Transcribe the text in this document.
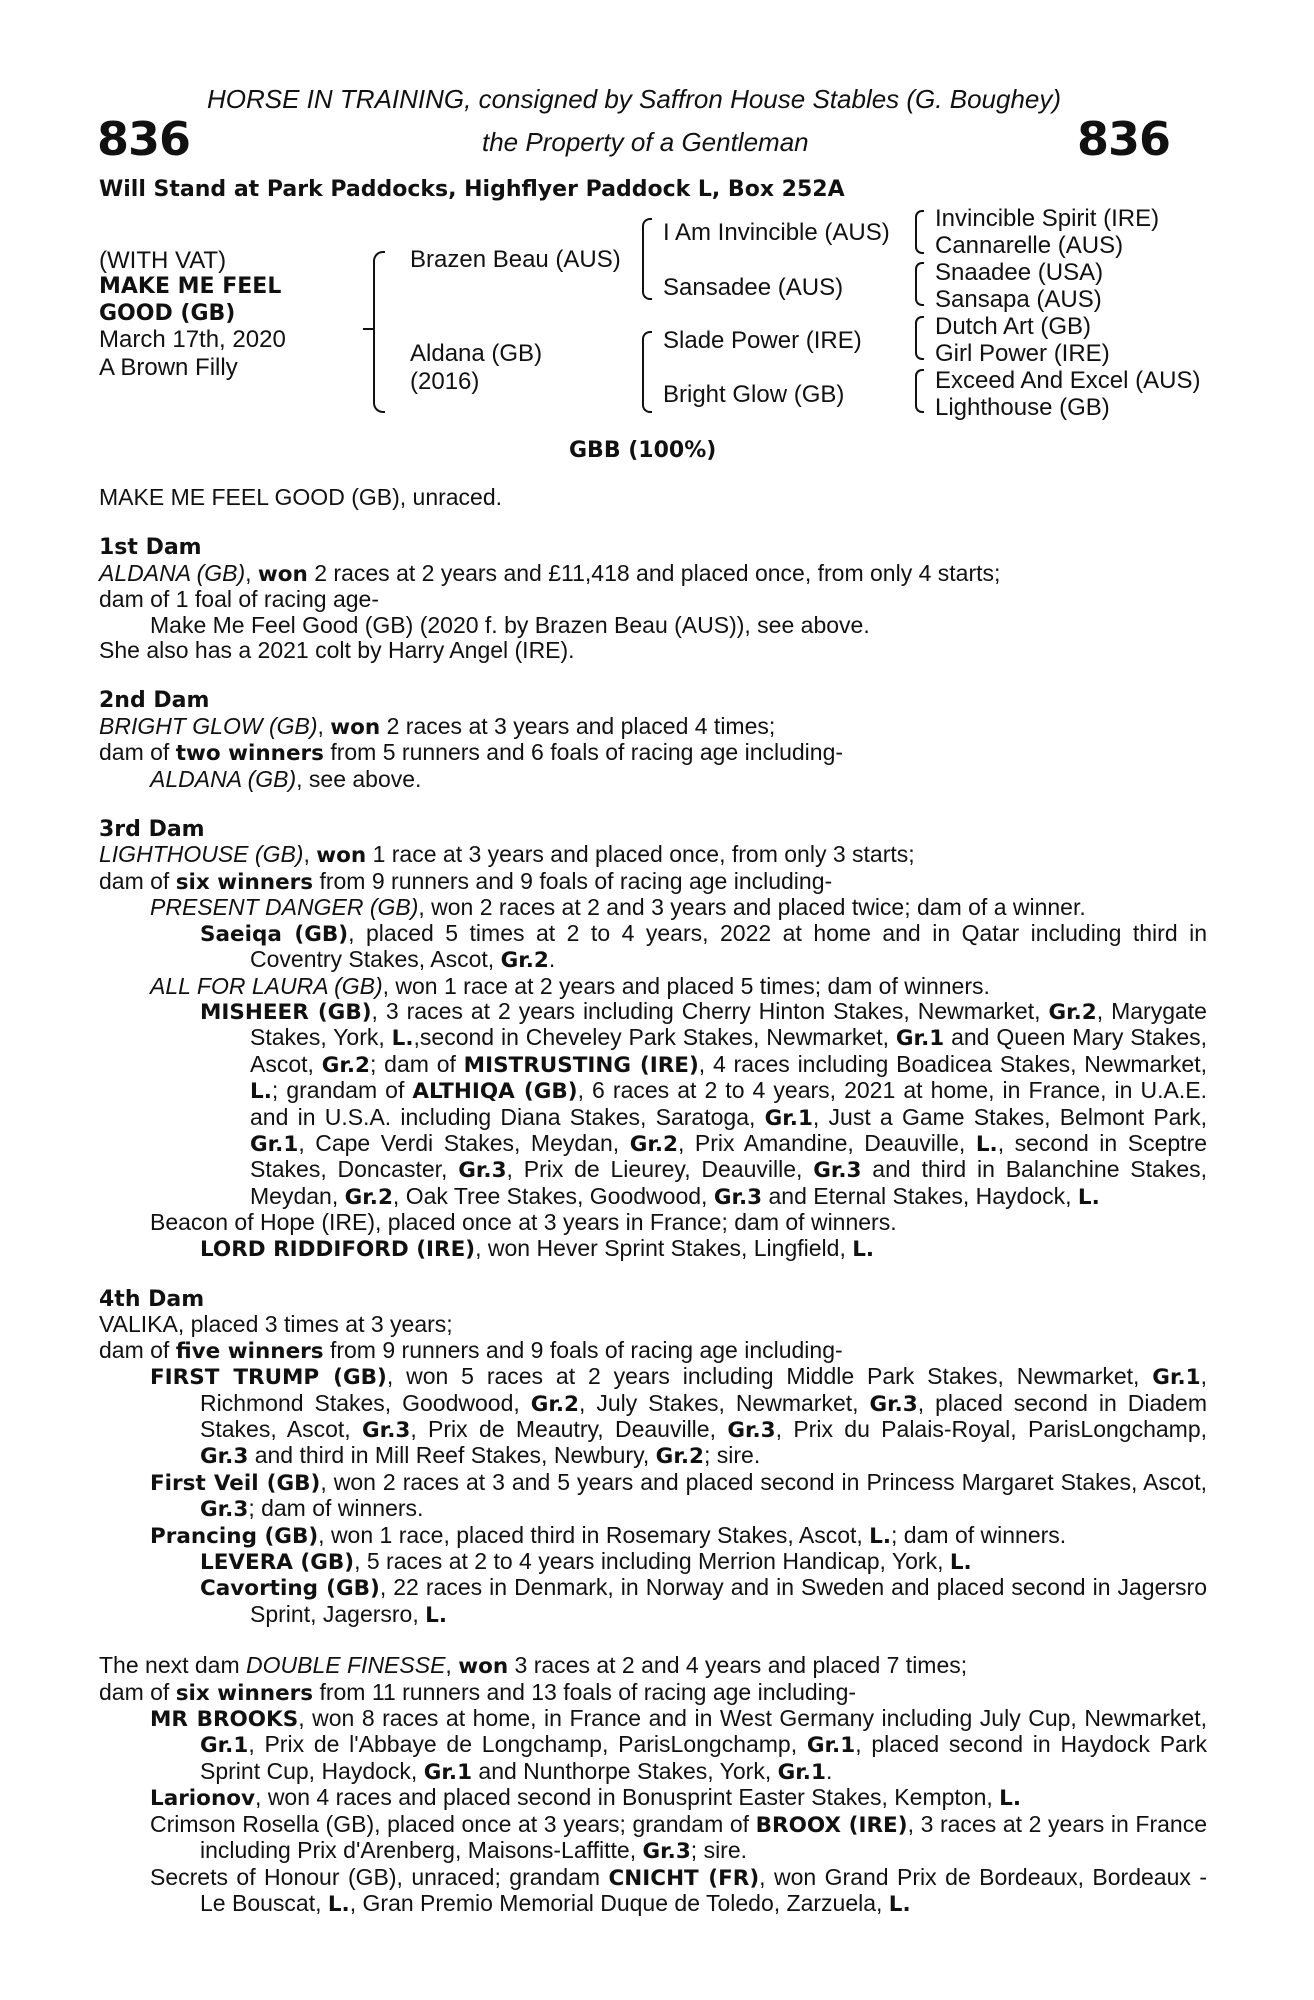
HORSE IN TRAINING, consigned by Saffron House Stables (G. Boughey)
836	the Property of a Gentleman	836
Will Stand at Park Paddocks, Highflyer Paddock L, Box 252A
(WITH VAT)
MAKE ME FEEL
GOOD (GB)
March 17th, 2020
A Brown Filly
Brazen Beau (AUS)
Aldana (GB)
(2016)
I Am Invincible (AUS)
Sansadee (AUS)
Slade Power (IRE)
Bright Glow (GB)
Invincible Spirit (IRE)
Cannarelle (AUS)
Snaadee (USA)
Sansapa (AUS)
Dutch Art (GB)
Girl Power (IRE)
Exceed And Excel (AUS)
Lighthouse (GB)
GBB (100%)

MAKE ME FEEL GOOD (GB), unraced.

1st Dam

ALDANA (GB), won 2 races at 2 years and £11,418 and placed once, from only 4 starts;

dam of 1 foal of racing age-

Make Me Feel Good (GB) (2020 f. by Brazen Beau (AUS)), see above.

She also has a 2021 colt by Harry Angel (IRE).

2nd Dam

BRIGHT GLOW (GB), won 2 races at 3 years and placed 4 times;

dam of two winners from 5 runners and 6 foals of racing age including-

ALDANA (GB), see above.

3rd Dam

LIGHTHOUSE (GB), won 1 race at 3 years and placed once, from only 3 starts;

dam of six winners from 9 runners and 9 foals of racing age including-

PRESENT DANGER (GB), won 2 races at 2 and 3 years and placed twice; dam of a winner.

Saeiqa (GB), placed 5 times at 2 to 4 years, 2022 at home and in Qatar including third in Coventry Stakes, Ascot, Gr.2.

ALL FOR LAURA (GB), won 1 race at 2 years and placed 5 times; dam of winners.

MISHEER (GB), 3 races at 2 years including Cherry Hinton Stakes, Newmarket, Gr.2, Marygate Stakes, York, L.,second in Cheveley Park Stakes, Newmarket, Gr.1 and Queen Mary Stakes, Ascot, Gr.2; dam of MISTRUSTING (IRE), 4 races including Boadicea Stakes, Newmarket, L.; grandam of ALTHIQA (GB), 6 races at 2 to 4 years, 2021 at home, in France, in U.A.E. and in U.S.A. including Diana Stakes, Saratoga, Gr.1, Just a Game Stakes, Belmont Park, Gr.1, Cape Verdi Stakes, Meydan, Gr.2, Prix Amandine, Deauville, L., second in Sceptre Stakes, Doncaster, Gr.3, Prix de Lieurey, Deauville, Gr.3 and third in Balanchine Stakes, Meydan, Gr.2, Oak Tree Stakes, Goodwood, Gr.3 and Eternal Stakes, Haydock, L.

Beacon of Hope (IRE), placed once at 3 years in France; dam of winners.

LORD RIDDIFORD (IRE), won Hever Sprint Stakes, Lingfield, L.

4th Dam

VALIKA, placed 3 times at 3 years;

dam of five winners from 9 runners and 9 foals of racing age including-

FIRST TRUMP (GB), won 5 races at 2 years including Middle Park Stakes, Newmarket, Gr.1, Richmond Stakes, Goodwood, Gr.2, July Stakes, Newmarket, Gr.3, placed second in Diadem Stakes, Ascot, Gr.3, Prix de Meautry, Deauville, Gr.3, Prix du Palais-Royal, ParisLongchamp, Gr.3 and third in Mill Reef Stakes, Newbury, Gr.2; sire.

First Veil (GB), won 2 races at 3 and 5 years and placed second in Princess Margaret Stakes, Ascot, Gr.3; dam of winners.

Prancing (GB), won 1 race, placed third in Rosemary Stakes, Ascot, L.; dam of winners.

LEVERA (GB), 5 races at 2 to 4 years including Merrion Handicap, York, L.

Cavorting (GB), 22 races in Denmark, in Norway and in Sweden and placed second in Jagersro Sprint, Jagersro, L.

The next dam DOUBLE FINESSE, won 3 races at 2 and 4 years and placed 7 times;

dam of six winners from 11 runners and 13 foals of racing age including-

MR BROOKS, won 8 races at home, in France and in West Germany including July Cup, Newmarket, Gr.1, Prix de l'Abbaye de Longchamp, ParisLongchamp, Gr.1, placed second in Haydock Park Sprint Cup, Haydock, Gr.1 and Nunthorpe Stakes, York, Gr.1.

Larionov, won 4 races and placed second in Bonusprint Easter Stakes, Kempton, L.

Crimson Rosella (GB), placed once at 3 years; grandam of BROOX (IRE), 3 races at 2 years in France including Prix d'Arenberg, Maisons-Laffitte, Gr.3; sire.

Secrets of Honour (GB), unraced; grandam CNICHT (FR), won Grand Prix de Bordeaux, Bordeaux - Le Bouscat, L., Gran Premio Memorial Duque de Toledo, Zarzuela, L.
